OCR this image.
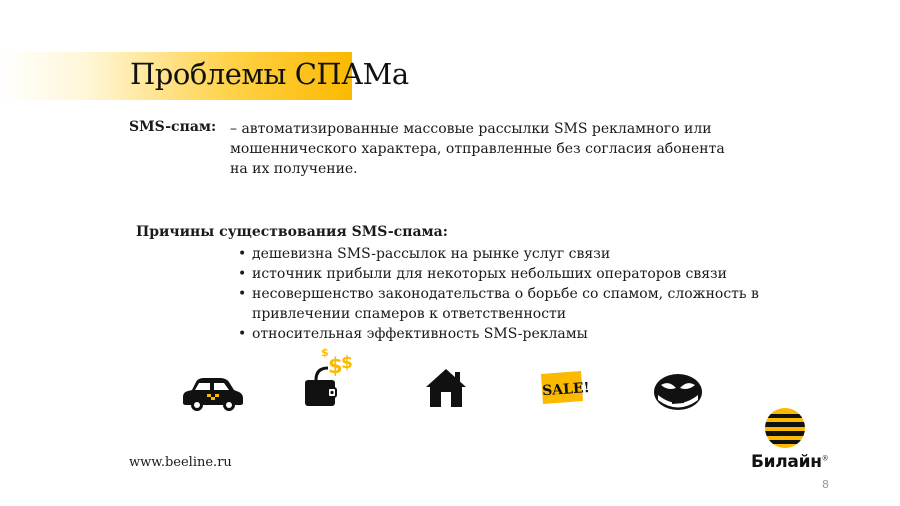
Проблемы СПАМа
SMS-спам: – автоматизированные массовые рассылки SMS рекламного или
мошеннического характера, отправленные без согласия абонента
на их получение.
Причины существования SMS-спама:
• дешевизна SMS-рассылок на рынке услуг связи
• источник прибыли для некоторых небольших операторов связи
• несовершенство законодательства о борьбе со спамом, сложность в
привлечении спамеров к ответственности
• относительная эффективность SMS-рекламы
$
$
$
SALE!
www.beeline.ru	Билайн®
8
